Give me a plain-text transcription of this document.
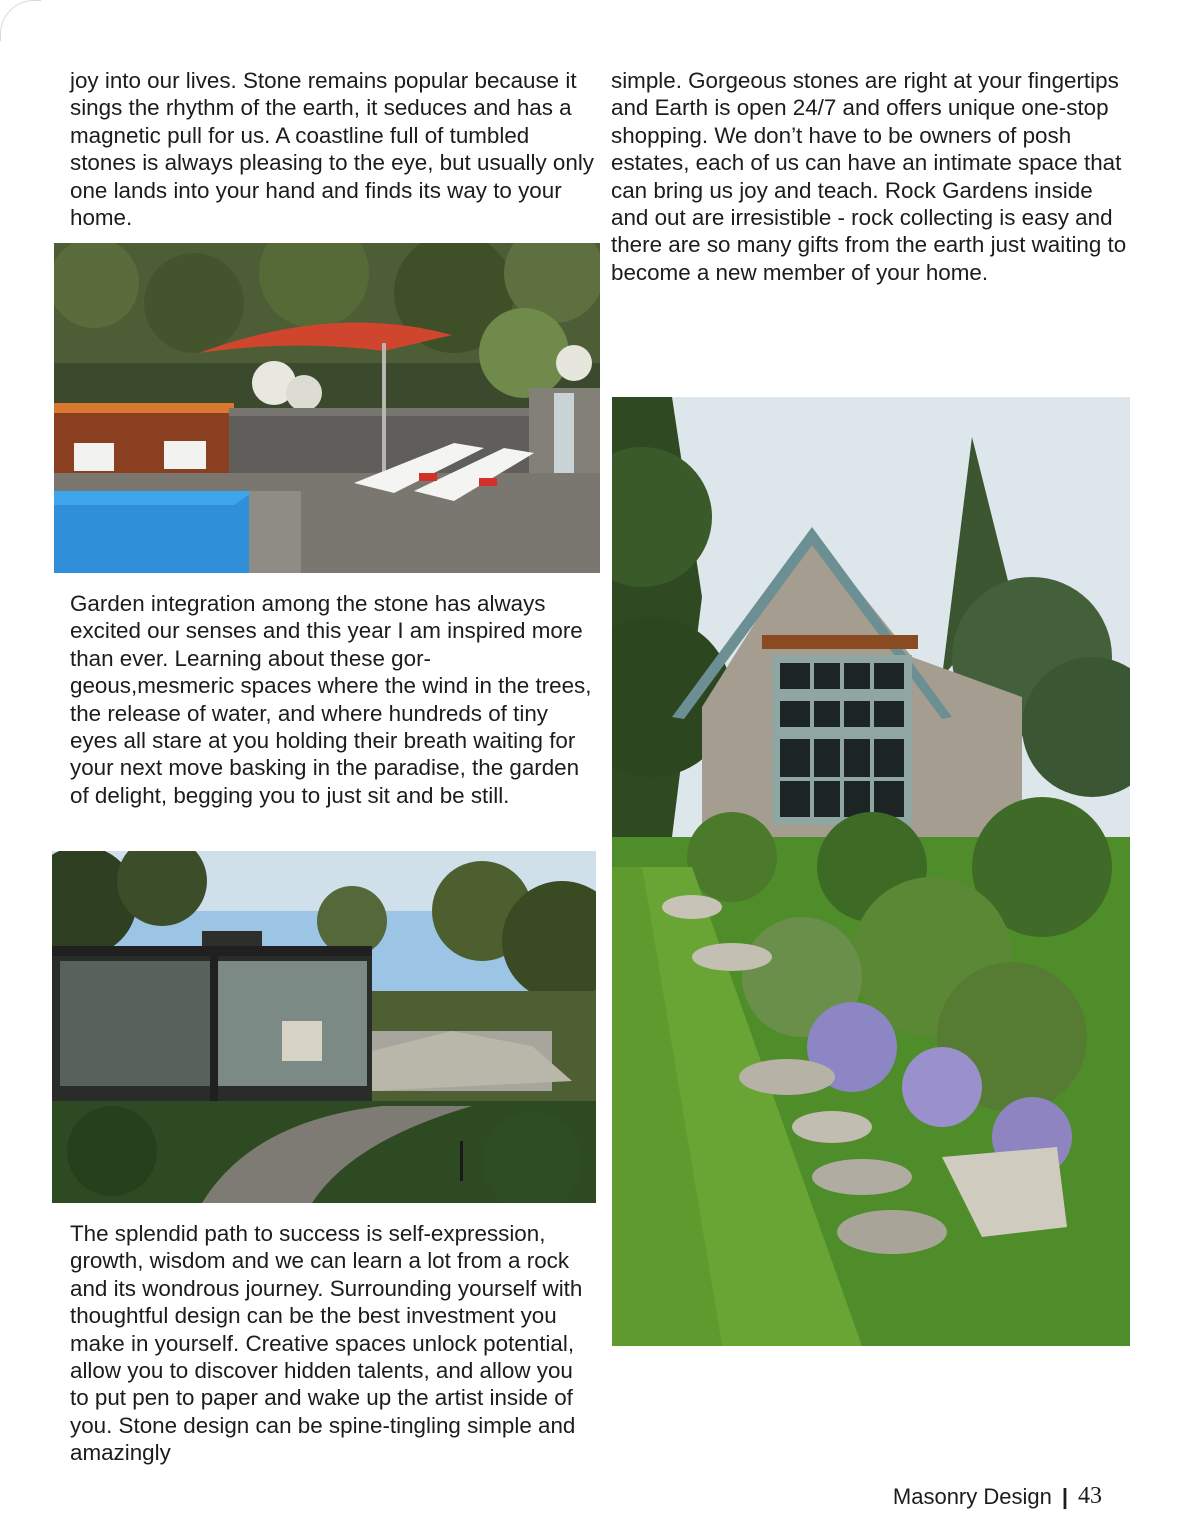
joy into our lives. Stone remains popular because it sings the rhythm of the earth, it seduces and has a magnetic pull for us. A coastline full of tumbled stones is always pleasing to the eye, but usually only one lands into your hand and finds its way to your home.

Garden integration among the stone has always excited our senses and this year I am inspired more than ever. Learning about these gor-geous,mesmeric spaces where the wind in the trees, the release of water, and where hundreds of tiny eyes all stare at you holding their breath waiting for your next move basking in the paradise, the garden of delight, begging you to just sit and be still.

The splendid path to success is self-expression, growth, wisdom and we can learn a lot from a rock and its wondrous journey. Surrounding yourself with thoughtful design can be the best investment you make in yourself. Creative spaces unlock potential, allow you to discover hidden talents, and allow you to put pen to paper and wake up the artist inside of you. Stone design can be spine-tingling simple and amazingly

simple. Gorgeous stones are right at your fingertips and Earth is open 24/7 and offers unique one-stop shopping. We don’t have to be owners of posh estates, each of us can have an intimate space that can bring us joy and teach. Rock Gardens inside and out are irresistible - rock collecting is easy and there are so many gifts from the earth just waiting to become a new member of your home.

Masonry Design | 43
